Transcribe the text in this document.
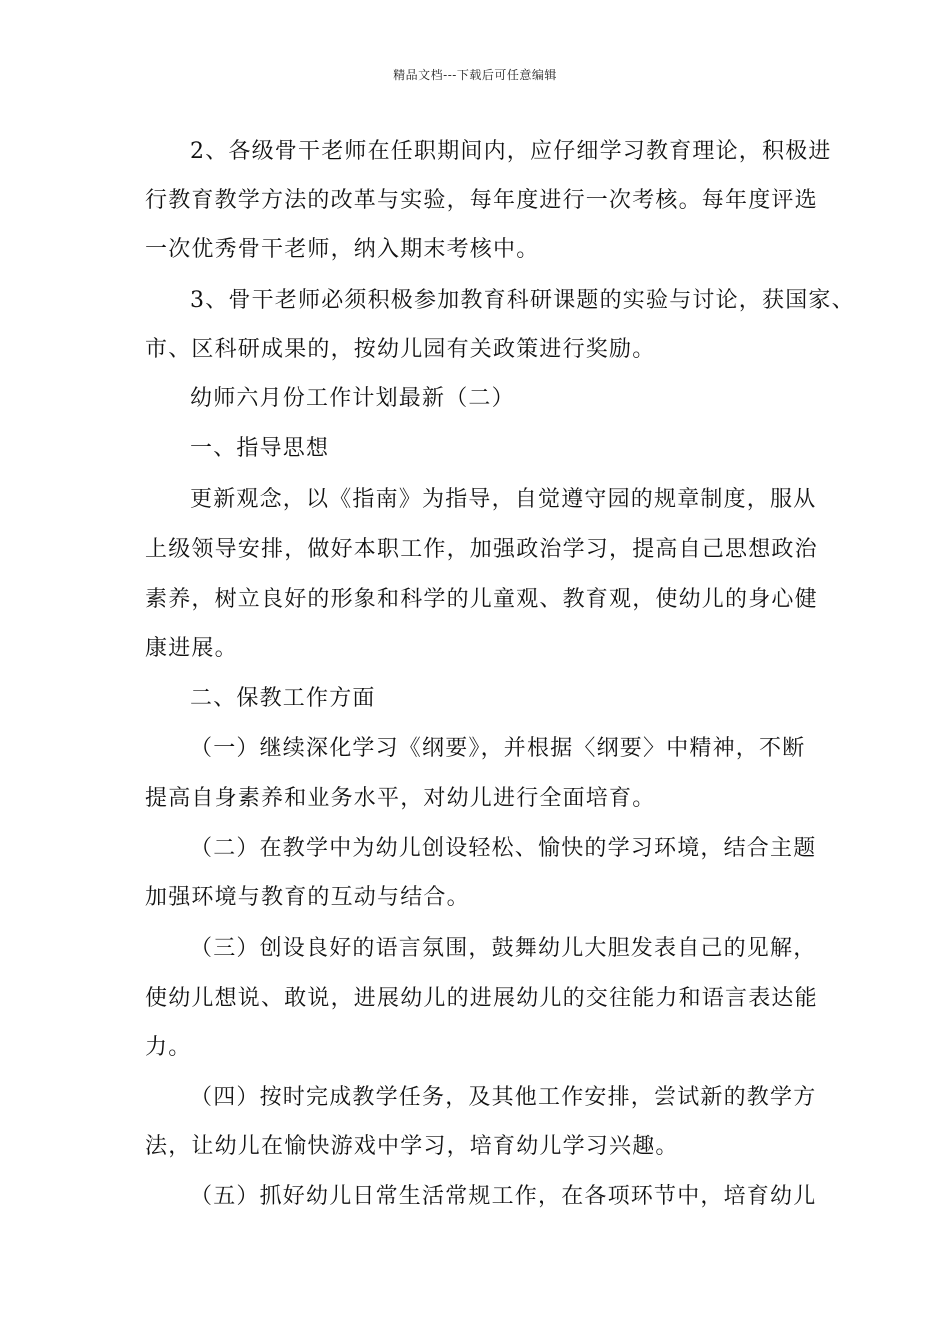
精品文档---下载后可任意编辑
2、各级骨干老师在任职期间内，应仔细学习教育理论，积极进
行教育教学方法的改革与实验，每年度进行一次考核。每年度评选
一次优秀骨干老师，纳入期末考核中。
3、骨干老师必须积极参加教育科研课题的实验与讨论，获国家、
市、区科研成果的，按幼儿园有关政策进行奖励。
幼师六月份工作计划最新（二）
一、指导思想
更新观念，以《指南》为指导，自觉遵守园的规章制度，服从
上级领导安排，做好本职工作，加强政治学习，提高自己思想政治
素养，树立良好的形象和科学的儿童观、教育观，使幼儿的身心健
康进展。
二、保教工作方面
（一）继续深化学习《纲要》，并根据〈纲要〉中精神，不断
提高自身素养和业务水平，对幼儿进行全面培育。
（二）在教学中为幼儿创设轻松、愉快的学习环境，结合主题
加强环境与教育的互动与结合。
（三）创设良好的语言氛围，鼓舞幼儿大胆发表自己的见解，
使幼儿想说、敢说，进展幼儿的进展幼儿的交往能力和语言表达能
力。
（四）按时完成教学任务，及其他工作安排，尝试新的教学方
法，让幼儿在愉快游戏中学习，培育幼儿学习兴趣。
（五）抓好幼儿日常生活常规工作，在各项环节中，培育幼儿
